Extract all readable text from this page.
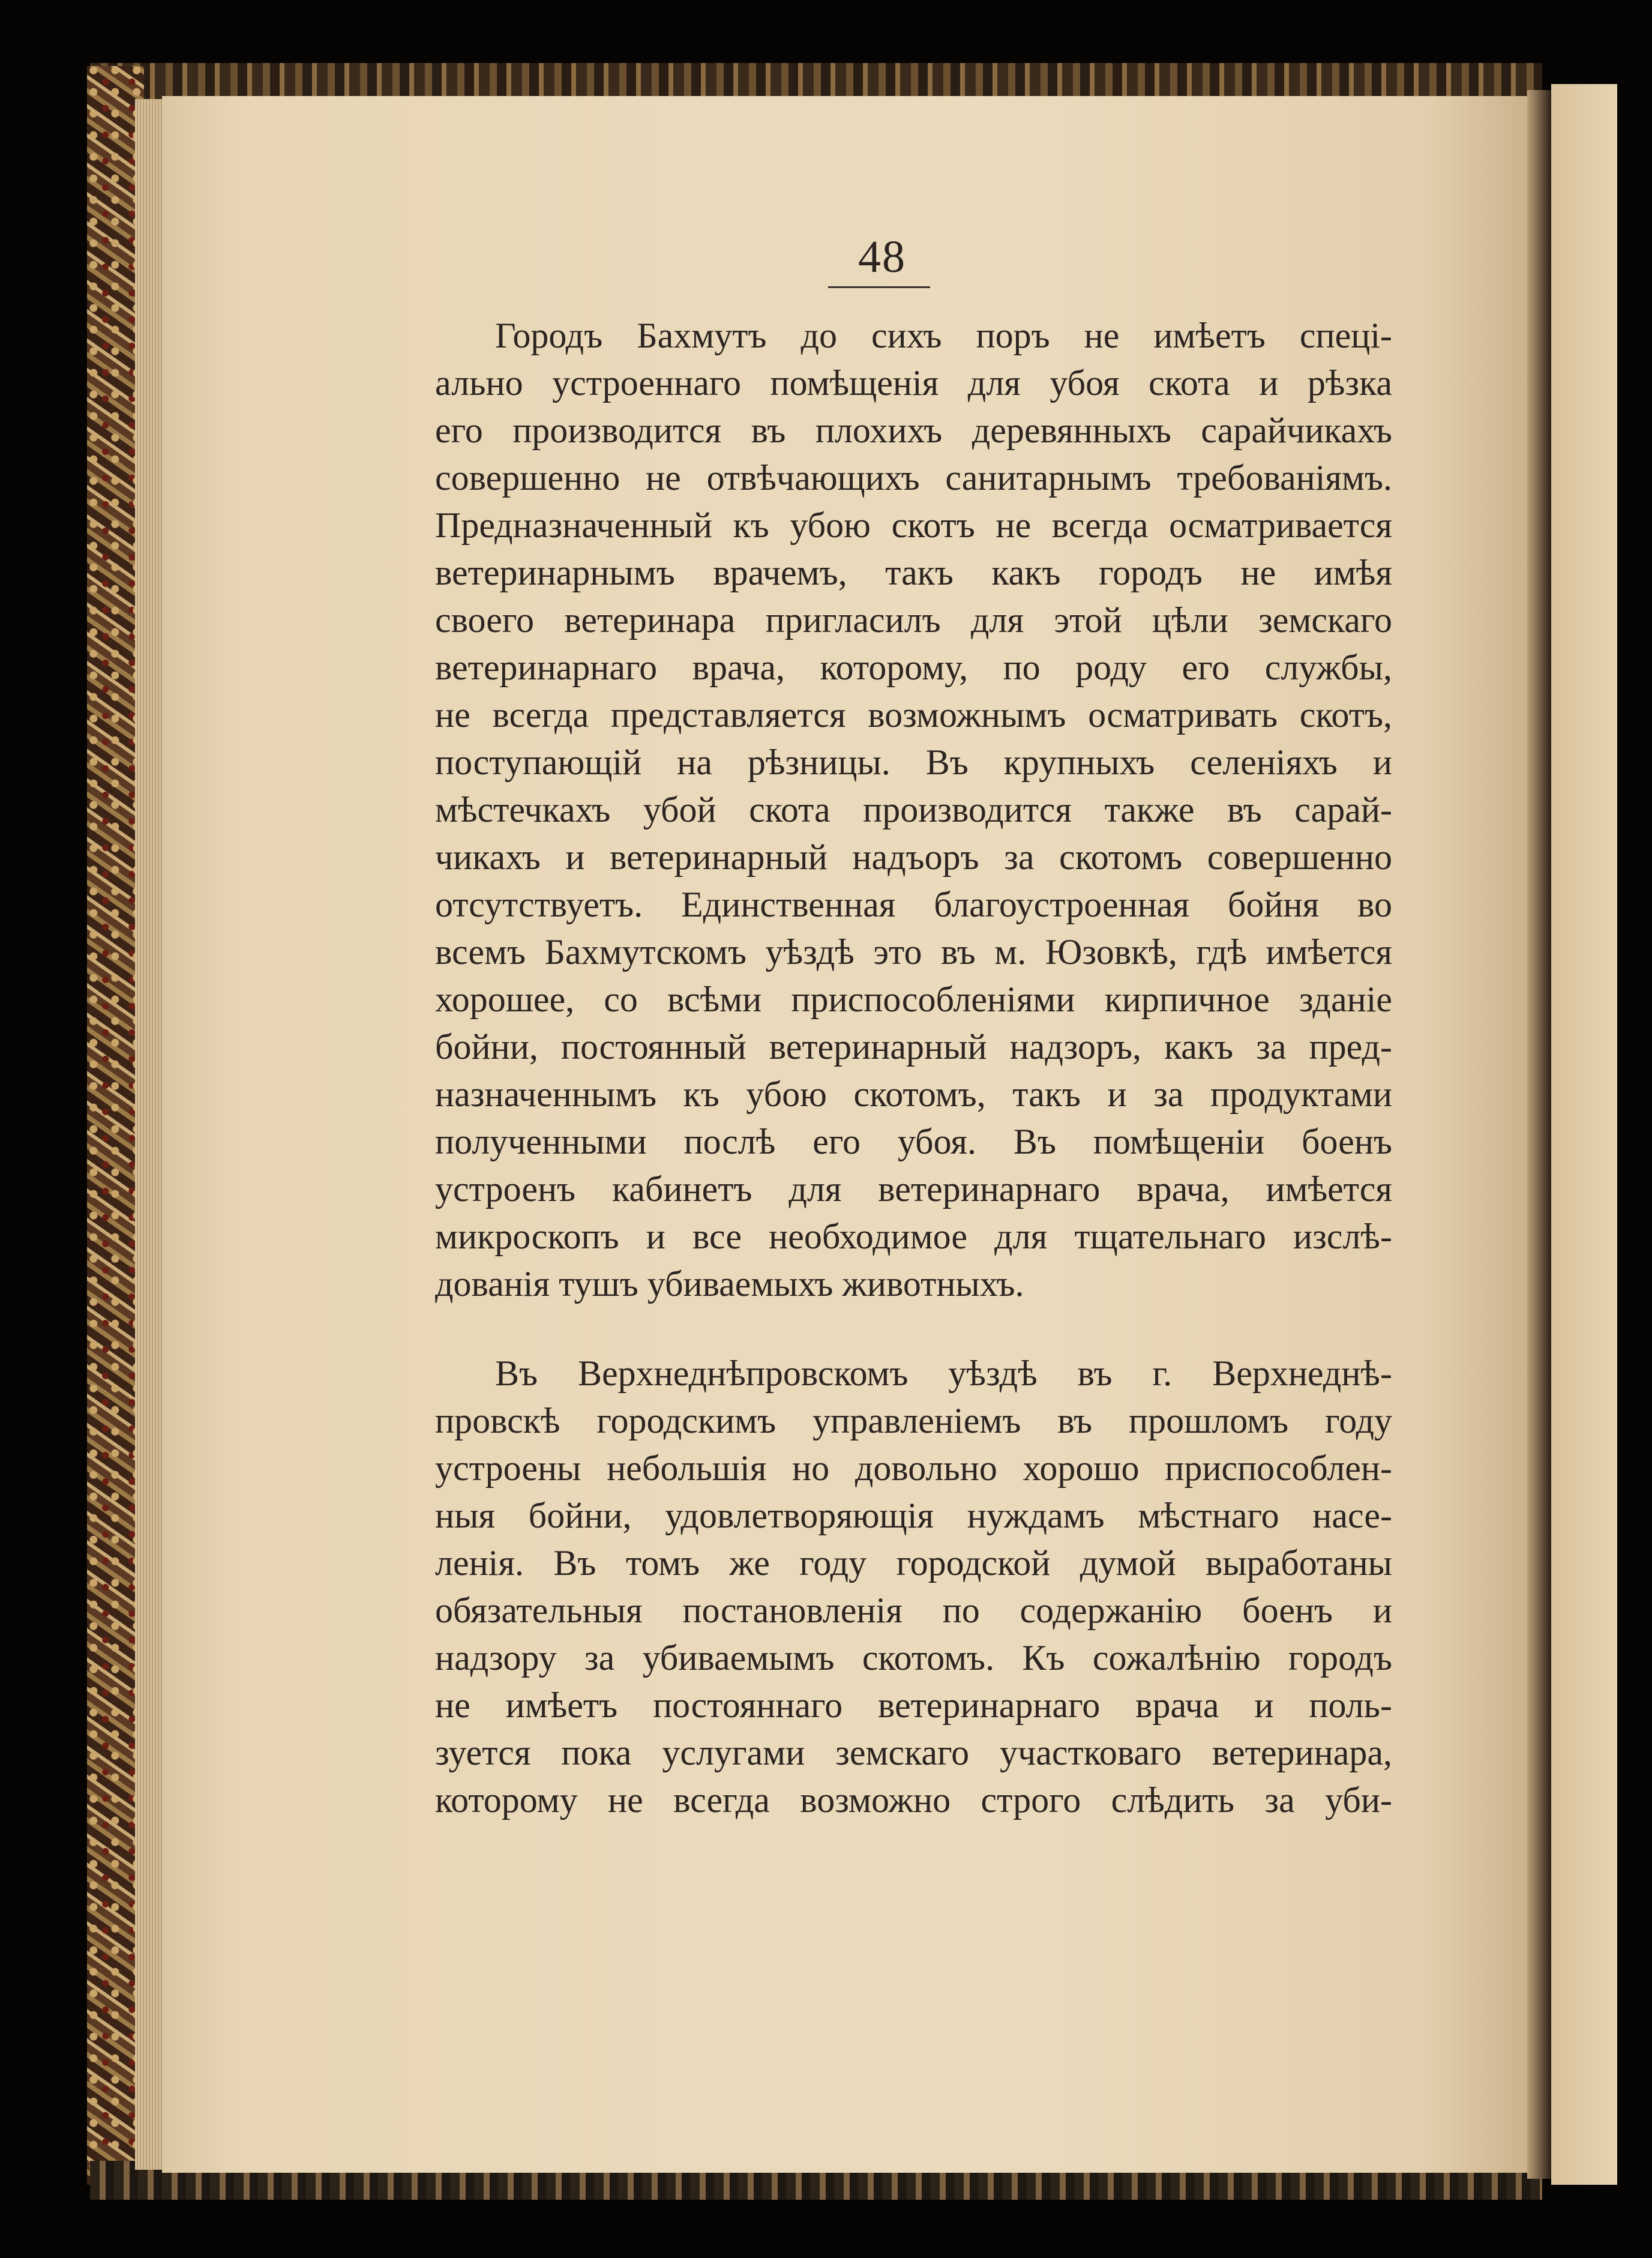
48
Городъ Бахмутъ до сихъ поръ не имѣетъ спеці-
ально устроеннаго помѣщенія для убоя скота и рѣзка
его производится въ плохихъ деревянныхъ сарайчикахъ
совершенно не отвѣчающихъ санитарнымъ требованіямъ.
Предназначенный къ убою скотъ не всегда осматривается
ветеринарнымъ врачемъ, такъ какъ городъ не имѣя
своего ветеринара пригласилъ для этой цѣли земскаго
ветеринарнаго врача, которому, по роду его службы,
не всегда представляется возможнымъ осматривать скотъ,
поступающій на рѣзницы. Въ крупныхъ селеніяхъ и
мѣстечкахъ убой скота производится также въ сарай-
чикахъ и ветеринарный надъоръ за скотомъ совершенно
отсутствуетъ. Единственная благоустроенная бойня во
всемъ Бахмутскомъ уѣздѣ это въ м. Юзовкѣ, гдѣ имѣется
хорошее, со всѣми приспособленіями кирпичное зданіе
бойни, постоянный ветеринарный надзоръ, какъ за пред-
назначеннымъ къ убою скотомъ, такъ и за продуктами
полученными послѣ его убоя. Въ помѣщеніи боенъ
устроенъ кабинетъ для ветеринарнаго врача, имѣется
микроскопъ и все необходимое для тщательнаго изслѣ-
дованія тушъ убиваемыхъ животныхъ.
Въ Верхнеднѣпровскомъ уѣздѣ въ г. Верхнеднѣ-
провскѣ городскимъ управленіемъ въ прошломъ году
устроены небольшія но довольно хорошо приспособлен-
ныя бойни, удовлетворяющія нуждамъ мѣстнаго насе-
ленія. Въ томъ же году городской думой выработаны
обязательныя постановленія по содержанію боенъ и
надзору за убиваемымъ скотомъ. Къ сожалѣнію городъ
не имѣетъ постояннаго ветеринарнаго врача и поль-
зуется пока услугами земскаго участковаго ветеринара,
которому не всегда возможно строго слѣдить за уби-
